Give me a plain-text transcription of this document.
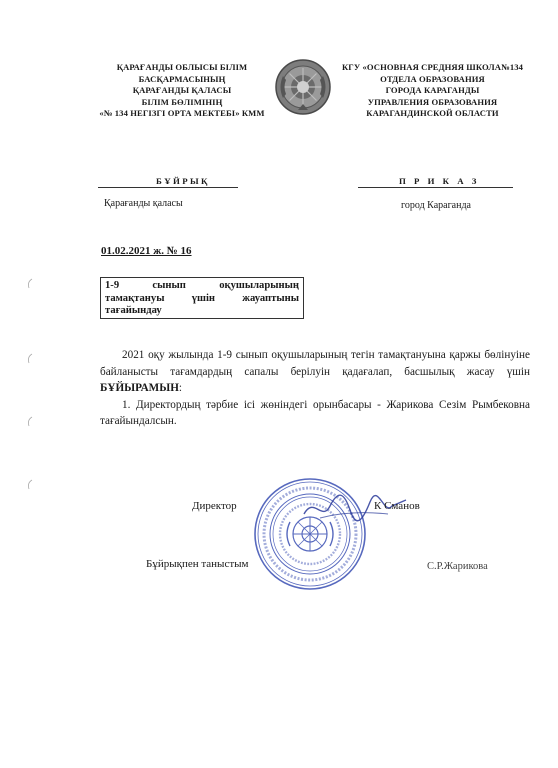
ҚАРАҒАНДЫ ОБЛЫСЫ БІЛІМ
БАСҚАРМАСЫНЫҢ
ҚАРАҒАНДЫ ҚАЛАСЫ
БІЛІМ БӨЛІМІНІҢ
«№ 134 НЕГІЗГІ ОРТА МЕКТЕБІ» КММ
КГУ «ОСНОВНАЯ СРЕДНЯЯ ШКОЛА№134
ОТДЕЛА ОБРАЗОВАНИЯ
ГОРОДА КАРАГАНДЫ
УПРАВЛЕНИЯ ОБРАЗОВАНИЯ
КАРАГАНДИНСКОЙ ОБЛАСТИ
БҰЙРЫҚ	П Р И К А З
Қарағанды қаласы	город Караганда
01.02.2021 ж. № 16
1-9 сынып оқушыларының тамақтануы үшін жауаптыны тағайындау

2021 оқу жылында 1-9 сынып оқушыларының тегін тамақтануына қаржы бөлінуіне байланысты тағамдардың сапалы берілуін қадағалап, басшылық жасау үшін БҰЙЫРАМЫН:

1. Директордың тәрбие ісі жөніндегі орынбасары - Жарикова Сезім Рымбековна тағайындалсын.

Директор	К Сманов
Бұйрықпен таныстым	С.Р.Жарикова
